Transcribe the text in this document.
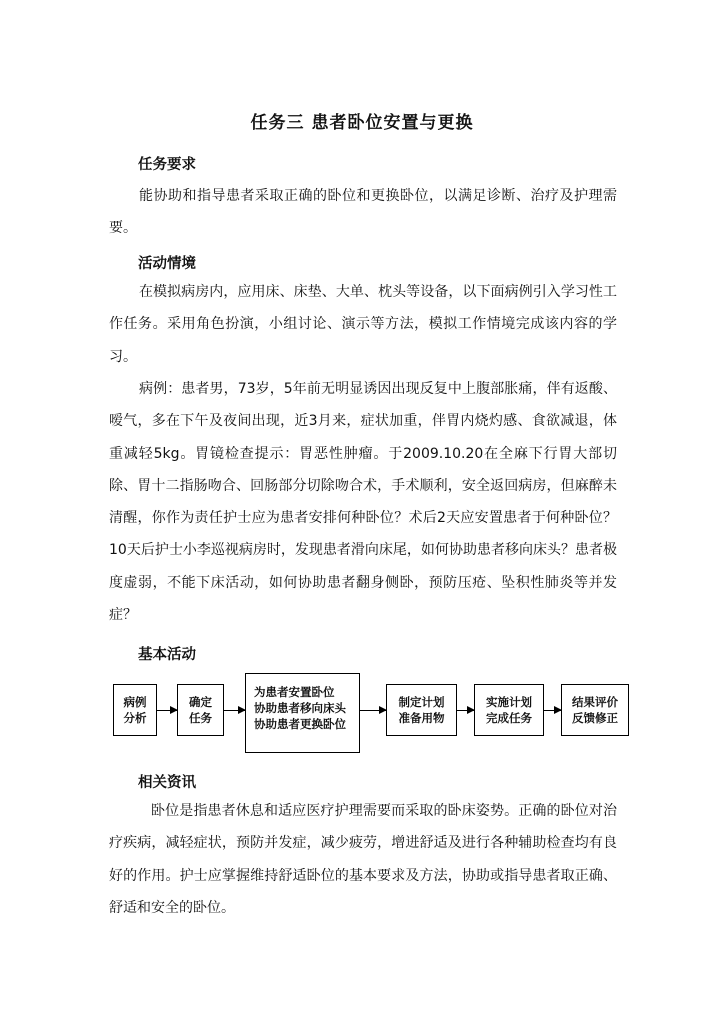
任务三 患者卧位安置与更换
任务要求

能协助和指导患者采取正确的卧位和更换卧位，以满足诊断、治疗及护理需要。

活动情境

在模拟病房内，应用床、床垫、大单、枕头等设备，以下面病例引入学习性工作任务。采用角色扮演，小组讨论、演示等方法，模拟工作情境完成该内容的学习。

病例：患者男，73岁，5年前无明显诱因出现反复中上腹部胀痛，伴有返酸、嗳气，多在下午及夜间出现，近3月来，症状加重，伴胃内烧灼感、食欲减退，体重减轻5kg。胃镜检查提示：胃恶性肿瘤。于2009.10.20在全麻下行胃大部切除、胃十二指肠吻合、回肠部分切除吻合术，手术顺利，安全返回病房，但麻醉未清醒，你作为责任护士应为患者安排何种卧位？术后2天应安置患者于何种卧位？10天后护士小李巡视病房时，发现患者滑向床尾，如何协助患者移向床头？患者极度虚弱，不能下床活动，如何协助患者翻身侧卧，预防压疮、坠积性肺炎等并发症？

基本活动
病例
分析
确定
任务
为患者安置卧位
协助患者移向床头
协助患者更换卧位
制定计划
准备用物
实施计划
完成任务
结果评价
反馈修正
相关资讯

卧位是指患者休息和适应医疗护理需要而采取的卧床姿势。正确的卧位对治疗疾病，减轻症状，预防并发症，减少疲劳，增进舒适及进行各种辅助检查均有良好的作用。护士应掌握维持舒适卧位的基本要求及方法，协助或指导患者取正确、舒适和安全的卧位。
